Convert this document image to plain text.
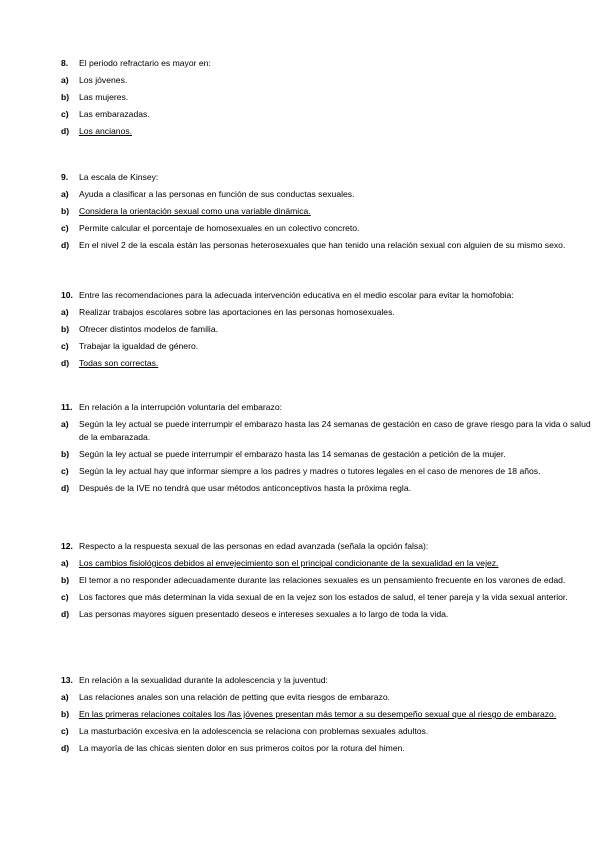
8.	El periodo refractario es mayor en:
a)	Los jóvenes.
b)	Las mujeres.
c)	Las embarazadas.
d)	Los ancianos.
9.	La escala de Kinsey:
a)	Ayuda a clasificar a las personas en función de sus conductas sexuales.
b)	Considera la orientación sexual como una variable dinámica.
c)	Permite calcular el porcentaje de homosexuales en un colectivo concreto.
d)	En el nivel 2 de la escala están las personas heterosexuales que han tenido una relación sexual con alguien de su mismo sexo.
10. Entre las recomendaciones para la adecuada intervención educativa en el medio escolar para evitar la homofobia:
a)	Realizar trabajos escolares sobre las aportaciones en las personas homosexuales.
b)	Ofrecer distintos modelos de familia.
c)	Trabajar la igualdad de género.
d)	Todas son correctas.
11. En relación a la interrupción voluntaria del embarazo:
a)	Según la ley actual se puede interrumpir el embarazo hasta las 24 semanas de gestación en caso de grave riesgo para la vida o salud de la embarazada.
b)	Según la ley actual se puede interrumpir el embarazo hasta las 14 semanas de gestación a petición de la mujer.
c)	Según la ley actual hay que informar siempre a los padres y madres o tutores legales en el caso de menores de 18 años.
d)	Después de la IVE no tendrá que usar métodos anticonceptivos hasta la próxima regla.
12. Respecto a la respuesta sexual de las personas en edad avanzada (señala la opción falsa):
a)	Los cambios fisiológicos debidos al envejecimiento son el principal condicionante de la sexualidad en la vejez.
b)	El temor a no responder adecuadamente durante las relaciones sexuales es un pensamiento frecuente en los varones de edad.
c)	Los factores que más determinan la vida sexual de en la vejez son los estados de salud, el tener pareja y la vida sexual anterior.
d)	Las personas mayores siguen presentado deseos e intereses sexuales a lo largo de toda la vida.
13. En relación a la sexualidad durante la adolescencia y la juventud:
a)	Las relaciones anales son una relación de petting que evita riesgos de embarazo.
b)	En las primeras relaciones coitales los /las jóvenes presentan más temor a su desempeño sexual que al riesgo de embarazo.
c)	La masturbación excesiva en la adolescencia se relaciona con problemas sexuales adultos.
d)	La mayoría de las chicas sienten dolor en sus primeros coitos por la rotura del himen.
